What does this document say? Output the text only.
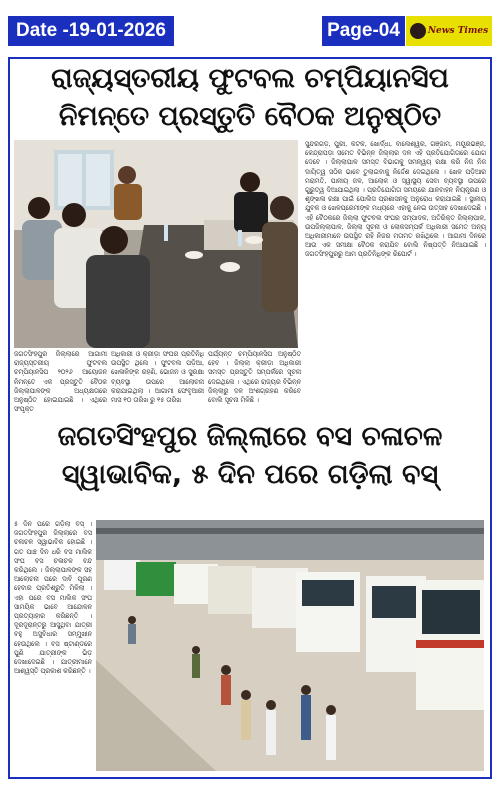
Date -19-01-2026	Page-04	News Times
ରାଜ୍ୟସ୍ତରୀୟ ଫୁଟବଲ ଚମ୍ପିୟାନସିପ
ନିମନ୍ତେ ପ୍ରସ୍ତୁତି ବୈଠକ ଅନୁଷ୍ଠିତ
ଜଗତସିଂହପୁର ଜିଲ୍ଲାରେ ଆଗାମୀ ରାଜ୍ୟସ୍ତରୀୟ ଫୁଟବଲ ଚମ୍ପିୟାନସିପ ୨୦୨୬ ଆୟୋଜନ ନିମନ୍ତେ ଏକ ପ୍ରସ୍ତୁତି ବୈଠକ ଜିଲ୍ଲାପାଳଙ୍କ ଅଧ୍ୟକ୍ଷତାରେ ଅନୁଷ୍ଠିତ ହୋଇଯାଇଛି । ଏଥିରେ ସଂପୃକ୍ତ
ଅଧିକାରୀ ଓ କ୍ରୀଡ଼ା ସଂଘର ପ୍ରତିନିଧି ଉପସ୍ଥିତ ଥିଲେ । ଫୁଟବଲ ପଡ଼ିଆ, ଖେଳାଳିଙ୍କ ରହଣି, ଭୋଜନ ଓ ସୁରକ୍ଷା ବ୍ୟବସ୍ଥା ଉପରେ ଆଲୋଚନା କରାଯାଇଥିଲା । ଆଗାମୀ ଫେବୃଆରୀ ମାସ ୧୦ ତାରିଖ ରୁ ୧୫ ତାରିଖ
ପର୍ଯ୍ୟନ୍ତ ଚମ୍ପିୟାନସିପ ଅନୁଷ୍ଠିତ ହେବ । ଜିଲ୍ଲା କ୍ରୀଡ଼ା ଅଧିକାରୀ ସମସ୍ତ ପ୍ରସ୍ତୁତି ସମ୍ପର୍କରେ ସୂଚନା ଦେଇଥିଲେ । ଏଥିରେ ରାଜ୍ୟର ବିଭିନ୍ନ ଜିଲ୍ଲାରୁ ଦଳ ଅଂଶଗ୍ରହଣ କରିବେ ବୋଲି ସୂଚନା ମିଳିଛି ।
ସୁନ୍ଦରଗଡ଼, ପୁରୀ, କଟକ, ଖୋର୍ଦ୍ଧା, ବାଲେଶ୍ୱର, ଗଞ୍ଜାମ, ମୟୂରଭଞ୍ଜ, କେନ୍ଦ୍ରାପଡ଼ା ସମେତ ବିଭିନ୍ନ ଜିଲ୍ଲାର ଦଳ ଏହି ପ୍ରତିଯୋଗିତାରେ ଯୋଗ ଦେବେ । ଜିଲ୍ଲାପାଳ ସମସ୍ତ ବିଭାଗକୁ ସମନ୍ୱୟ ରକ୍ଷା କରି ନିଜ ନିଜ ଦାୟିତ୍ୱ ସଠିକ ଭାବେ ତୁଲାଇବାକୁ ନିର୍ଦ୍ଦେଶ ଦେଇଥିଲେ । ଖେଳ ପଡ଼ିଆର ମରାମତି, ପାନୀୟ ଜଳ, ଆଲୋକ ଓ ସ୍ୱାସ୍ଥ୍ୟ ସେବା ବ୍ୟବସ୍ଥା ଉପରେ ଗୁରୁତ୍ୱ ଦିଆଯାଇଥିଲା । ପ୍ରତିଯୋଗିତା ସମୟରେ ଯାନବାହନ ନିୟନ୍ତ୍ରଣ ଓ ଶୃଙ୍ଖଳା ରକ୍ଷା ପାଇଁ ପୋଲିସ ପ୍ରଶାସନକୁ ଅନୁରୋଧ କରାଯାଇଛି । ସ୍ଥାନୀୟ ଯୁବକ ଓ ଖେଳପ୍ରେମୀଙ୍କ ମଧ୍ୟରେ ଏହାକୁ ନେଇ ଉତ୍ସାହ ଦେଖାଦେଇଛି । ଏହି ବୈଠକରେ ଜିଲ୍ଲା ଫୁଟବଲ ସଂଘର ସମ୍ପାଦକ, ଅତିରିକ୍ତ ଜିଲ୍ଲାପାଳ, ଉପଜିଲ୍ଲାପାଳ, ଜିଲ୍ଲା ସୂଚନା ଓ ଲୋକସମ୍ପର୍କ ଅଧିକାରୀ ସମେତ ଅନ୍ୟ ଅଧିକାରୀମାନେ ଉପସ୍ଥିତ ରହି ନିଜର ମତାମତ ରଖିଥିଲେ । ଆଗାମୀ ଦିନରେ ଆଉ ଏକ ସମୀକ୍ଷା ବୈଠକ କରାଯିବ ବୋଲି ନିଷ୍ପତ୍ତି ନିଆଯାଇଛି । ଜଗତସିଂହପୁରରୁ ଆମ ପ୍ରତିନିଧିଙ୍କ ରିପୋର୍ଟ ।
ଜଗତସିଂହପୁର ଜିଲ୍ଲାରେ ବସ ଚଳାଚଳ
ସ୍ୱାଭାବିକ, ୫ ଦିନ ପରେ ଗଡ଼ିଲା ବସ୍
୫ ଦିନ ପରେ ଗଡ଼ିଲା ବସ୍ । ଜଗତସିଂହପୁର ଜିଲ୍ଲାରେ ବସ ଚଳାଚଳ ସ୍ୱାଭାବିକ ହୋଇଛି । ଗତ ପାଞ୍ଚ ଦିନ ଧରି ବସ ମାଲିକ ସଂଘ ବସ ଚଳାଚଳ ବନ୍ଦ କରିଥିଲେ । ଜିଲ୍ଲାପାଳଙ୍କ ସହ ଆଲୋଚନା ପରେ ଦାବି ପୂରଣ ହେବାର ପ୍ରତିଶ୍ରୁତି ମିଳିଲା । ଏହା ପରେ ବସ ମାଲିକ ସଂଘ ସାମୟିକ ଭାବେ ଆନ୍ଦୋଳନ ପ୍ରତ୍ୟାହାର କରିଛନ୍ତି । ଦୂରଦୂରାନ୍ତରୁ ଆସୁଥିବା ଯାତ୍ରୀ ବହୁ ଅସୁବିଧାର ସମ୍ମୁଖୀନ ହେଉଥିଲେ । ବସ ଷ୍ଟାଣ୍ଡରେ ପୁଣି ଯାତ୍ରୀଙ୍କ ଭିଡ଼ ଦେଖାଦେଇଛି । ଯାତ୍ରୀମାନେ ଆଶ୍ୱସ୍ତି ପ୍ରକାଶ କରିଛନ୍ତି ।
